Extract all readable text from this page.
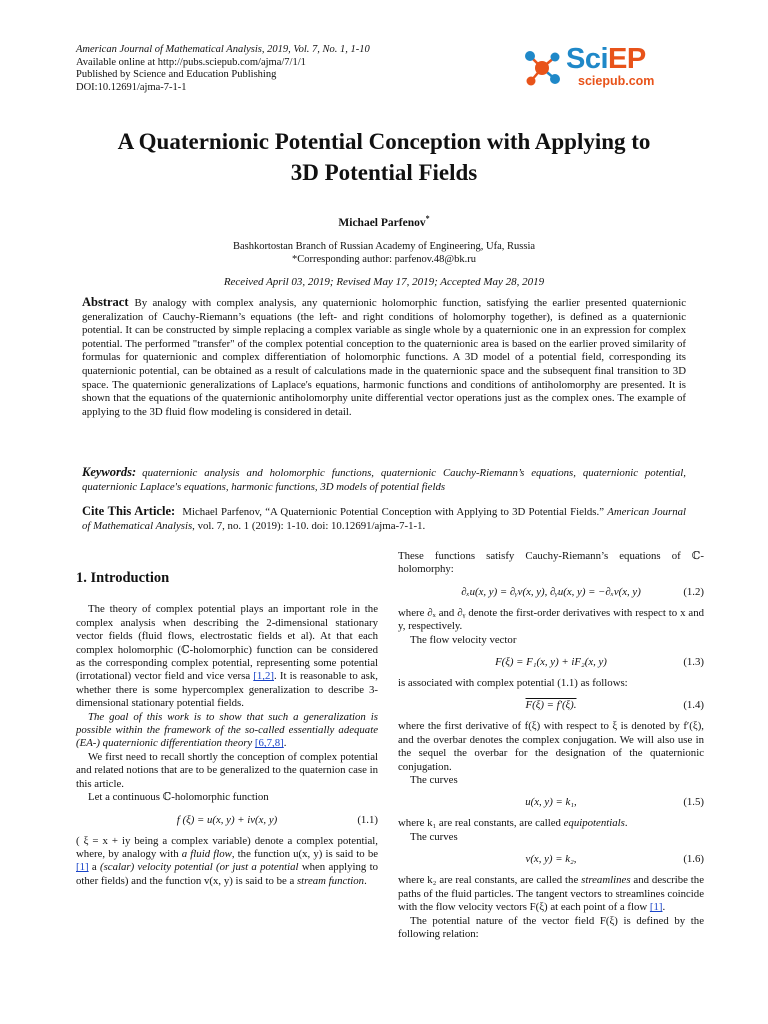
American Journal of Mathematical Analysis, 2019, Vol. 7, No. 1, 1-10
Available online at http://pubs.sciepub.com/ajma/7/1/1
Published by Science and Education Publishing
DOI:10.12691/ajma-7-1-1
SciEP
sciepub.com
A Quaternionic Potential Conception with Applying to
3D Potential Fields
Michael Parfenov*
Bashkortostan Branch of Russian Academy of Engineering, Ufa, Russia
*Corresponding author: parfenov.48@bk.ru
Received April 03, 2019; Revised May 17, 2019; Accepted May 28, 2019
Abstract By analogy with complex analysis, any quaternionic holomorphic function, satisfying the earlier presented quaternionic generalization of Cauchy-Riemann’s equations (the left- and right conditions of holomorphy together), is defined as a quaternionic potential. It can be constructed by simple replacing a complex variable as single whole by a quaternionic one in an expression for complex potential. The performed "transfer" of the complex potential conception to the quaternionic area is based on the earlier proved similarity of formulas for quaternionic and complex differentiation of holomorphic functions. A 3D model of a potential field, corresponding its quaternionic potential, can be obtained as a result of calculations made in the quaternionic space and the subsequent final transition to 3D space. The quaternionic generalizations of Laplace's equations, harmonic functions and conditions of antiholomorphy are presented. It is shown that the equations of the quaternionic antiholomorphy unite differential vector operations just as the complex ones. The example of applying to the 3D fluid flow modeling is considered in detail.
Keywords: quaternionic analysis and holomorphic functions, quaternionic Cauchy-Riemann’s equations, quaternionic potential, quaternionic Laplace's equations, harmonic functions, 3D models of potential fields
Cite This Article: Michael Parfenov, “A Quaternionic Potential Conception with Applying to 3D Potential Fields.” American Journal of Mathematical Analysis, vol. 7, no. 1 (2019): 1-10. doi: 10.12691/ajma-7-1-1.
1. Introduction

The theory of complex potential plays an important role in the complex analysis when describing the 2-dimensional stationary vector fields (fluid flows, electrostatic fields et al). At that each complex holomorphic (ℂ-holomorphic) function can be considered as the corresponding complex potential, representing some potential (irrotational) vector field and vice versa [1,2]. It is reasonable to ask, whether there is some hypercomplex generalization to describe 3-dimensional stationary potential fields.

The goal of this work is to show that such a generalization is possible within the framework of the so-called essentially adequate (EA-) quaternionic differentiation theory [6,7,8].

We first need to recall shortly the conception of complex potential and related notions that are to be generalized to the quaternion case in this article.

Let a continuous ℂ-holomorphic function

f (ξ) = u(x, y) + iv(x, y)	(1.1)

( ξ = x + iy being a complex variable) denote a complex potential, where, by analogy with a fluid flow, the function u(x, y) is said to be [1] a (scalar) velocity potential (or just a potential when applying to other fields) and the function v(x, y) is said to be a stream function.

These functions satisfy Cauchy-Riemann’s equations of ℂ-holomorphy:

∂ₓu(x, y) = ∂ᵧv(x, y), ∂ᵧu(x, y) = −∂ₓv(x, y)	(1.2)

where ∂ₓ and ∂ᵧ denote the first-order derivatives with respect to x and y, respectively.

The flow velocity vector

F(ξ) = F₁(x, y) + iF₂(x, y)	(1.3)

is associated with complex potential (1.1) as follows:

F(ξ) = f′(ξ).	(1.4)

where the first derivative of f(ξ) with respect to ξ is denoted by f′(ξ), and the overbar denotes the complex conjugation. We will also use in the sequel the overbar for the designation of the quaternionic conjugation.

The curves

u(x, y) = k₁,	(1.5)

where k₁ are real constants, are called equipotentials.

The curves

v(x, y) = k₂,	(1.6)

where k₂ are real constants, are called the streamlines and describe the paths of the fluid particles. The tangent vectors to streamlines coincide with the flow velocity vectors F(ξ) at each point of a flow [1].

The potential nature of the vector field F(ξ) is defined by the following relation:
